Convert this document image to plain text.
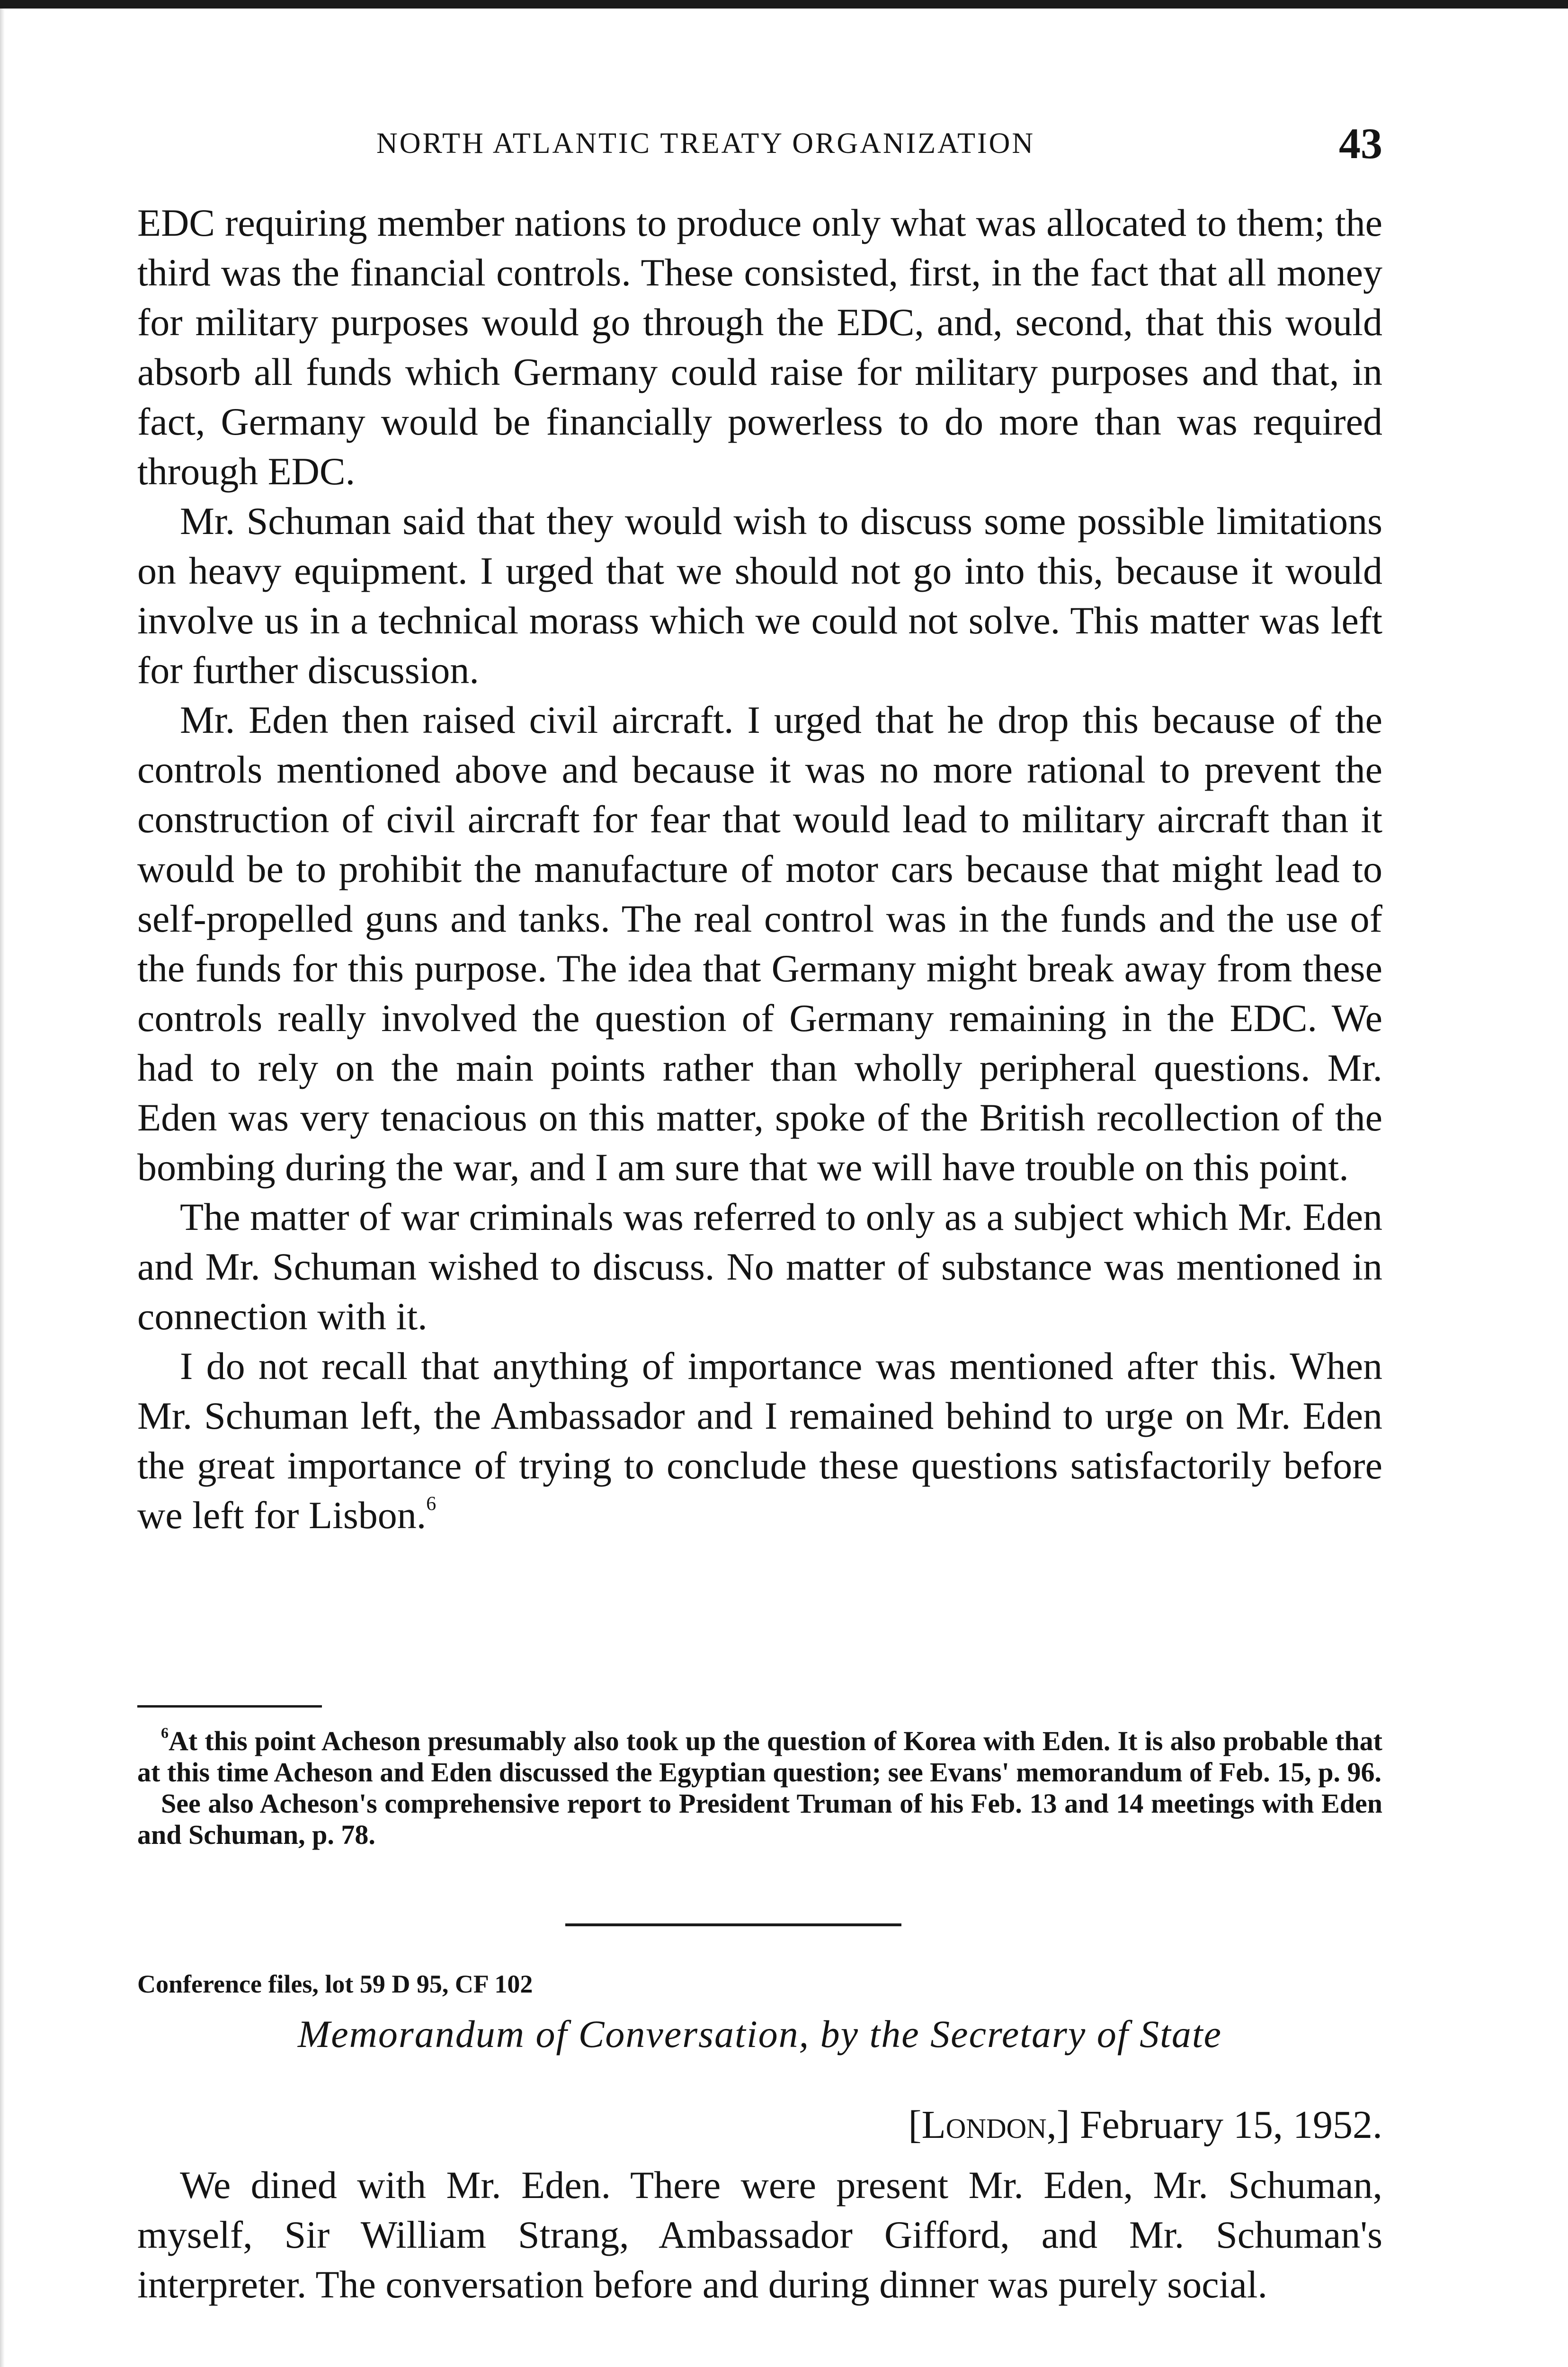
NORTH ATLANTIC TREATY ORGANIZATION	43

EDC requiring member nations to produce only what was allocated to them; the third was the financial controls. These consisted, first, in the fact that all money for military purposes would go through the EDC, and, second, that this would absorb all funds which Germany could raise for military purposes and that, in fact, Germany would be financially powerless to do more than was required through EDC.

Mr. Schuman said that they would wish to discuss some possible limitations on heavy equipment. I urged that we should not go into this, because it would involve us in a technical morass which we could not solve. This matter was left for further discussion.

Mr. Eden then raised civil aircraft. I urged that he drop this because of the controls mentioned above and because it was no more rational to prevent the construction of civil aircraft for fear that would lead to military aircraft than it would be to prohibit the manufacture of motor cars because that might lead to self-propelled guns and tanks. The real control was in the funds and the use of the funds for this purpose. The idea that Germany might break away from these controls really involved the question of Germany remaining in the EDC. We had to rely on the main points rather than wholly peripheral questions. Mr. Eden was very tenacious on this matter, spoke of the British recollection of the bombing during the war, and I am sure that we will have trouble on this point.

The matter of war criminals was referred to only as a subject which Mr. Eden and Mr. Schuman wished to discuss. No matter of substance was mentioned in connection with it.

I do not recall that anything of importance was mentioned after this. When Mr. Schuman left, the Ambassador and I remained behind to urge on Mr. Eden the great importance of trying to conclude these questions satisfactorily before we left for Lisbon.$^6$

$^6$At this point Acheson presumably also took up the question of Korea with Eden. It is also probable that at this time Acheson and Eden discussed the Egyptian question; see Evans' memorandum of Feb. 15, p. 96.

See also Acheson's comprehensive report to President Truman of his Feb. 13 and 14 meetings with Eden and Schuman, p. 78.

Conference files, lot 59 D 95, CF 102
Memorandum of Conversation, by the Secretary of State
[London,] February 15, 1952.

We dined with Mr. Eden. There were present Mr. Eden, Mr. Schuman, myself, Sir William Strang, Ambassador Gifford, and Mr. Schuman's interpreter. The conversation before and during dinner was purely social.
